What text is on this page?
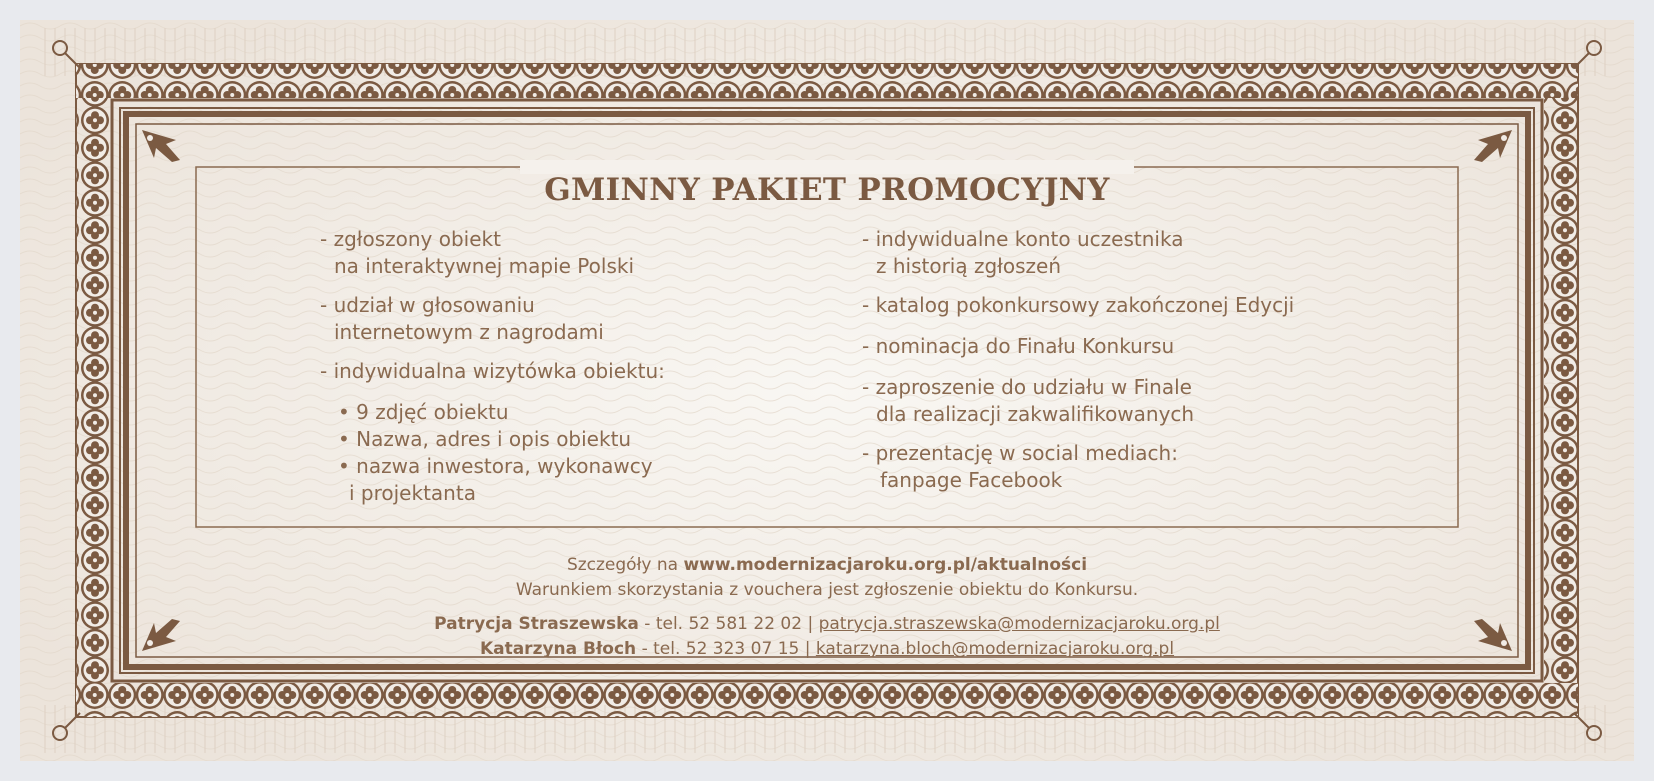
GMINNY PAKIET PROMOCYJNY
- zgłoszony obiekt
na interaktywnej mapie Polski
- udział w głosowaniu
internetowym z nagrodami
- indywidualna wizytówka obiektu:
• 9 zdjęć obiektu
• Nazwa, adres i opis obiektu
• nazwa inwestora, wykonawcy
i projektanta
- indywidualne konto uczestnika
z historią zgłoszeń
- katalog pokonkursowy zakończonej Edycji
- nominacja do Finału Konkursu
- zaproszenie do udziału w Finale
dla realizacji zakwalifikowanych
- prezentację w social mediach:
fanpage Facebook
Szczegóły na www.modernizacjaroku.org.pl/aktualności
Warunkiem skorzystania z vouchera jest zgłoszenie obiektu do Konkursu.
Patrycja Straszewska - tel. 52 581 22 02 | patrycja.straszewska@modernizacjaroku.org.pl
Katarzyna Błoch - tel. 52 323 07 15 | katarzyna.bloch@modernizacjaroku.org.pl
